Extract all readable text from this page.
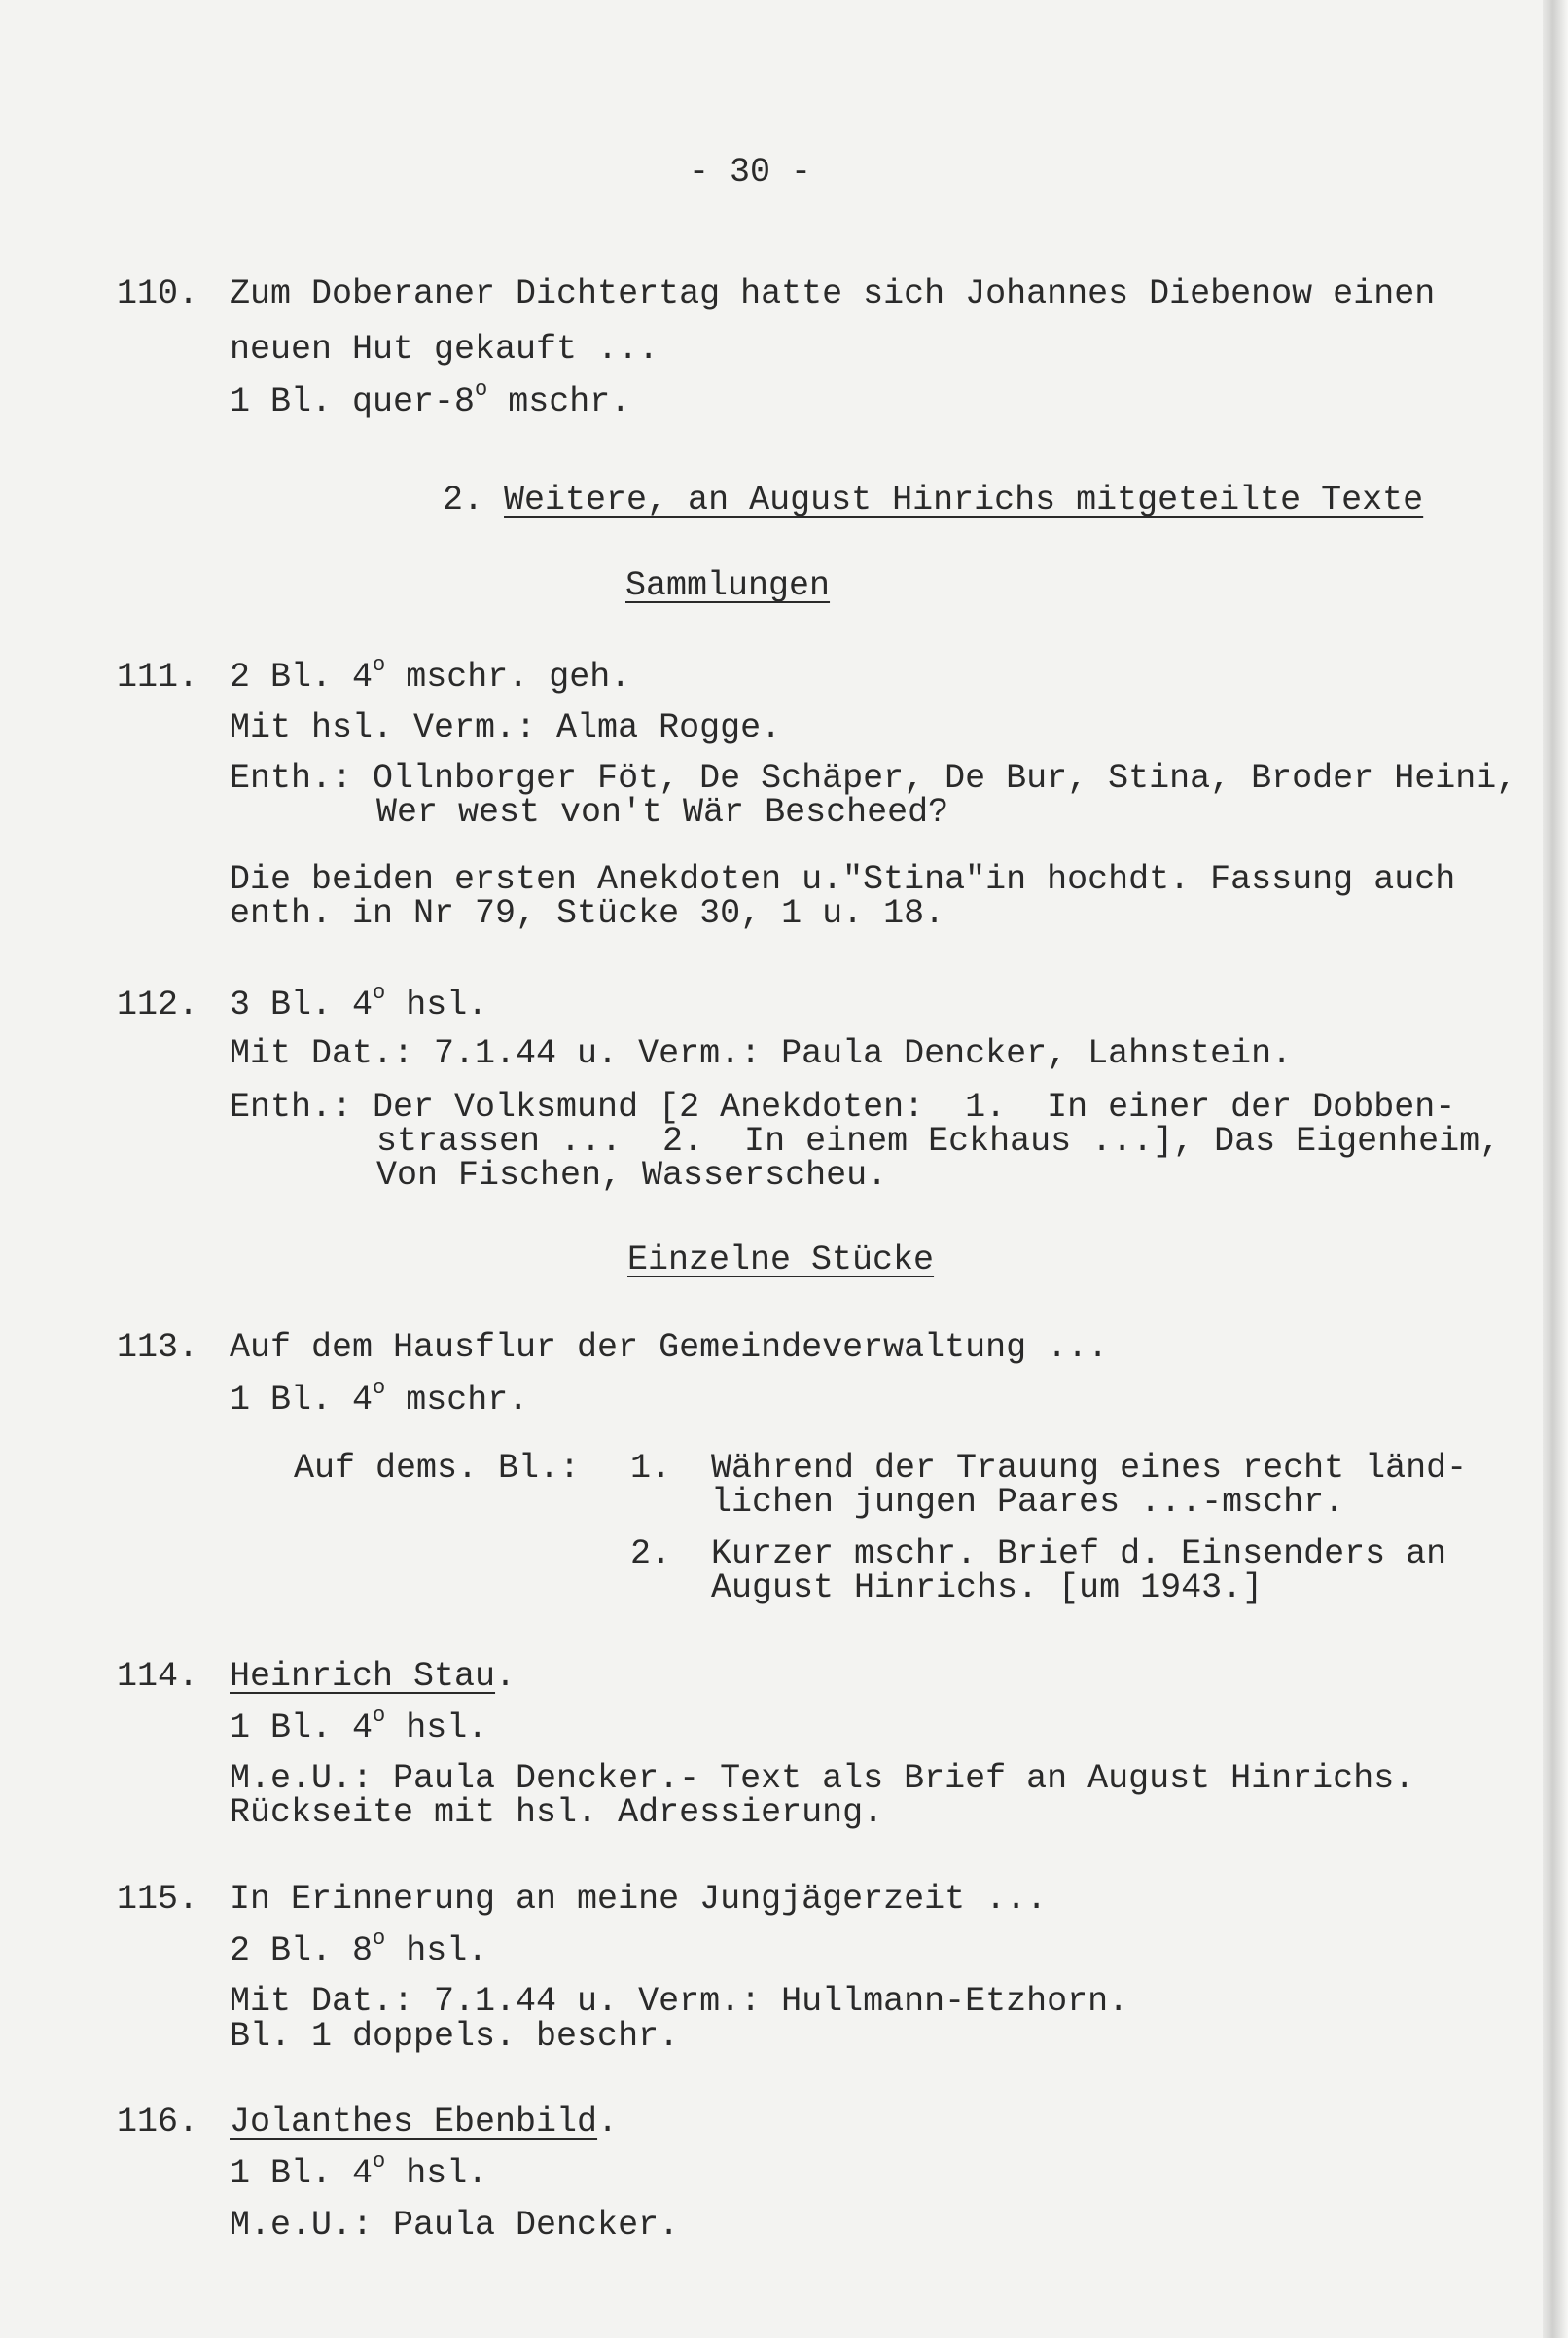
- 30 -
110. Zum Doberaner Dichtertag hatte sich Johannes Diebenow einen
neuen Hut gekauft ...
1 Bl. quer-8$^o$ mschr.
2. Weitere, an August Hinrichs mitgeteilte Texte
Sammlungen
111. 2 Bl. 4$^o$ mschr. geh.
Mit hsl. Verm.: Alma Rogge.
Enth.: Ollnborger Föt, De Schäper, De Bur, Stina, Broder Heini,
Wer west von't Wär Bescheed?
Die beiden ersten Anekdoten u."Stina"in hochdt. Fassung auch
enth. in Nr 79, Stücke 30, 1 u. 18.
112. 3 Bl. 4$^o$ hsl.
Mit Dat.: 7.1.44 u. Verm.: Paula Dencker, Lahnstein.
Enth.: Der Volksmund [2 Anekdoten:  1.  In einer der Dobben-
strassen ...  2.  In einem Eckhaus ...], Das Eigenheim,
Von Fischen, Wasserscheu.
Einzelne Stücke
113. Auf dem Hausflur der Gemeindeverwaltung ...
1 Bl. 4$^o$ mschr.
Auf dems. Bl.: 1. Während der Trauung eines recht länd-
lichen jungen Paares ...-mschr.
2. Kurzer mschr. Brief d. Einsenders an
August Hinrichs. [um 1943.]
114. Heinrich Stau.
1 Bl. 4$^o$ hsl.
M.e.U.: Paula Dencker.- Text als Brief an August Hinrichs.
Rückseite mit hsl. Adressierung.
115. In Erinnerung an meine Jungjägerzeit ...
2 Bl. 8$^o$ hsl.
Mit Dat.: 7.1.44 u. Verm.: Hullmann-Etzhorn.
Bl. 1 doppels. beschr.
116. Jolanthes Ebenbild.
1 Bl. 4$^o$ hsl.
M.e.U.: Paula Dencker.
